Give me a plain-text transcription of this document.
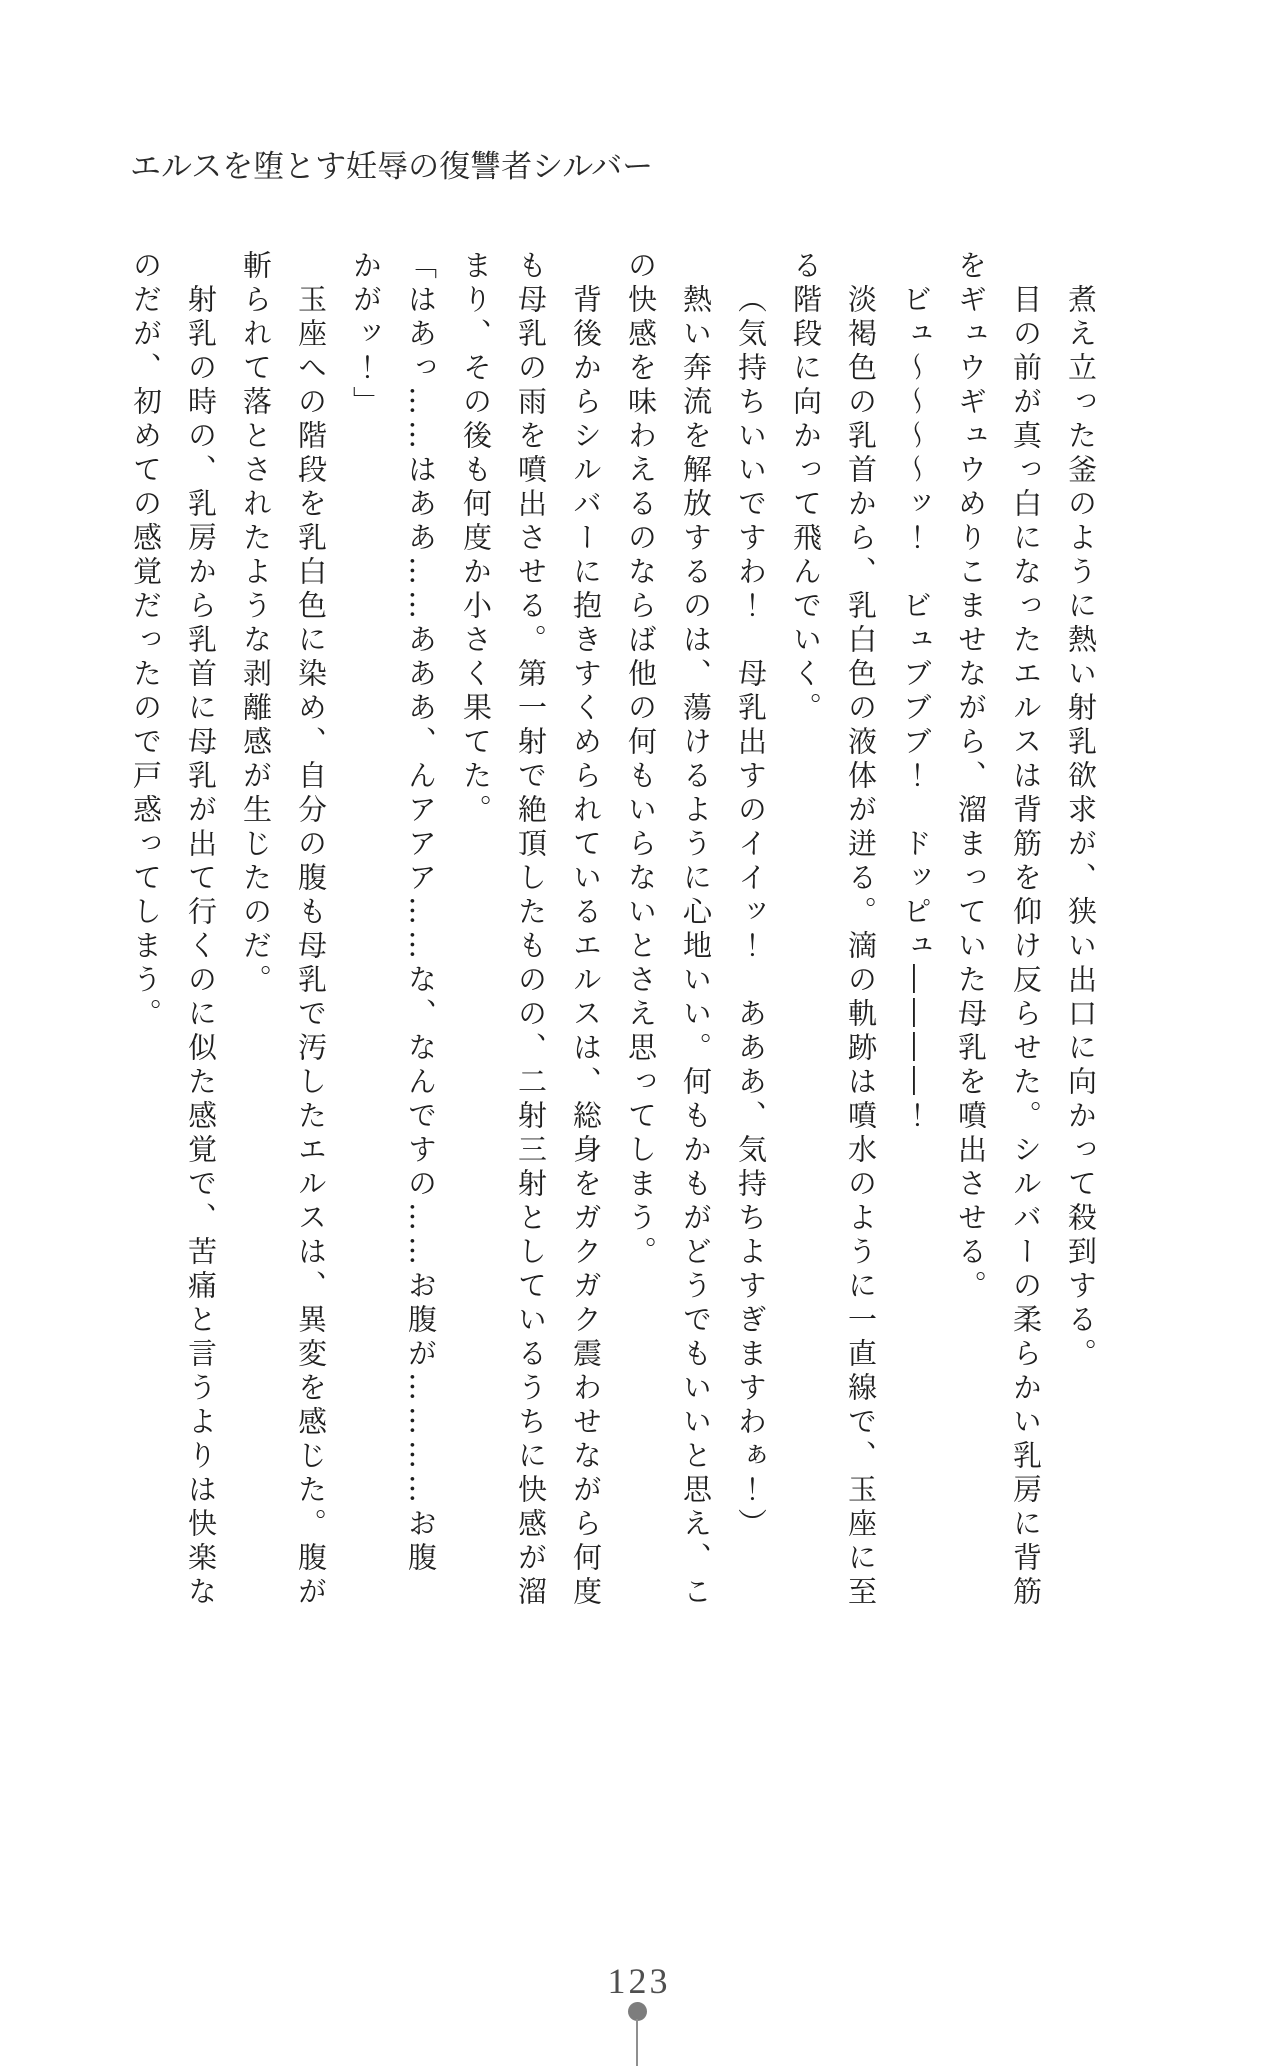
エルスを堕とす妊辱の復讐者シルバー

煮え立った釜のように熱い射乳欲求が、狭い出口に向かって殺到する。

目の前が真っ白になったエルスは背筋を仰け反らせた。シルバーの柔らかい乳房に背筋をギュウギュウめりこませながら、溜まっていた母乳を噴出させる。

ビュ～～～～ッ！　ビュブブブ！　ドッピュ――――！

淡褐色の乳首から、乳白色の液体が迸る。滴の軌跡は噴水のように一直線で、玉座に至る階段に向かって飛んでいく。

（気持ちいいですわ！　母乳出すのイイッ！　あああ、気持ちよすぎますわぁ！）

熱い奔流を解放するのは、蕩けるように心地いい。何もかもがどうでもいいと思え、この快感を味わえるのならば他の何もいらないとさえ思ってしまう。

背後からシルバーに抱きすくめられているエルスは、総身をガクガク震わせながら何度も母乳の雨を噴出させる。第一射で絶頂したものの、二射三射としているうちに快感が溜まり、その後も何度か小さく果てた。

「はあっ……はああ……あああ、んアアア……な、なんですの……お腹が…………お腹かがッ！」

玉座への階段を乳白色に染め、自分の腹も母乳で汚したエルスは、異変を感じた。腹が斬られて落とされたような剥離感が生じたのだ。

射乳の時の、乳房から乳首に母乳が出て行くのに似た感覚で、苦痛と言うよりは快楽なのだが、初めての感覚だったので戸惑ってしまう。

123
